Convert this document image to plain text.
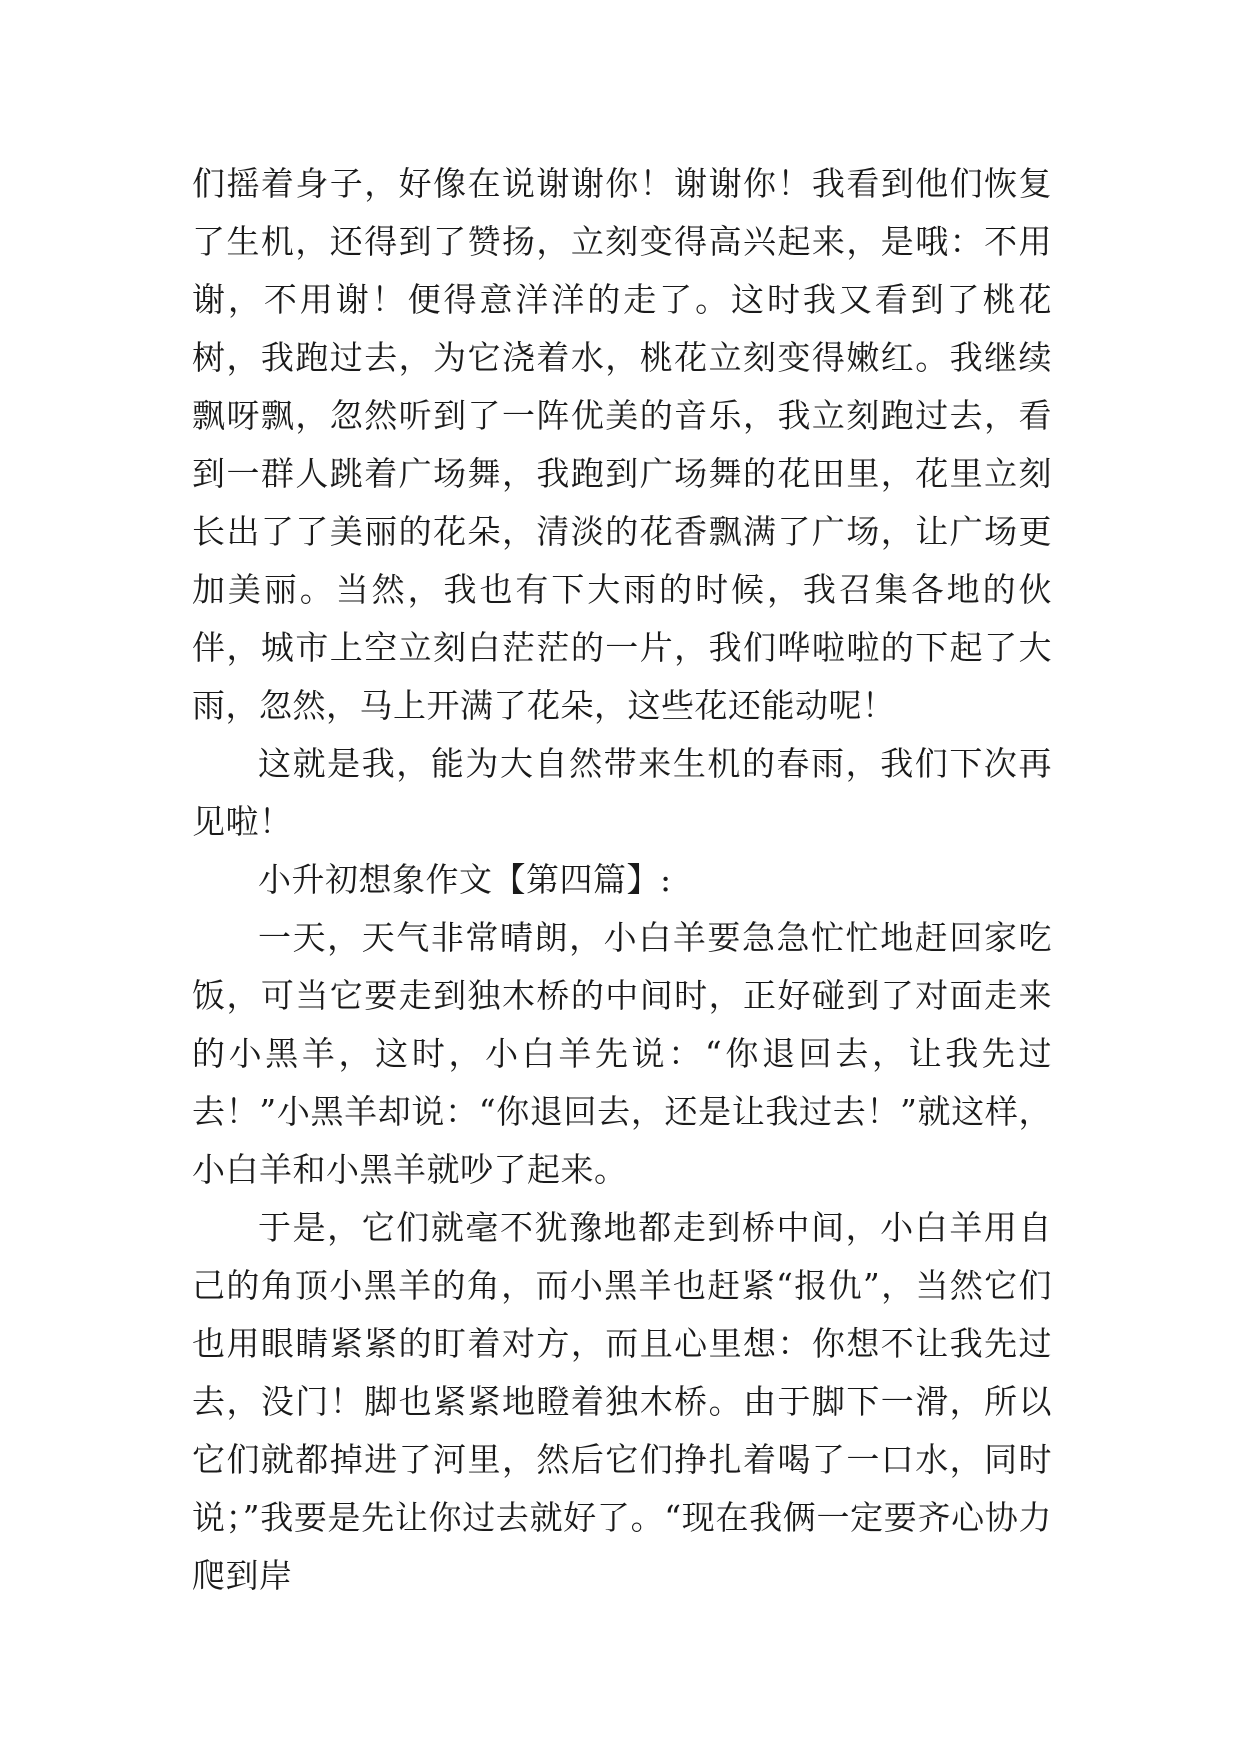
们摇着身子，好像在说谢谢你！谢谢你！我看到他们恢复了生机，还得到了赞扬，立刻变得高兴起来，是哦：不用谢，不用谢！便得意洋洋的走了。这时我又看到了桃花树，我跑过去，为它浇着水，桃花立刻变得嫩红。我继续飘呀飘，忽然听到了一阵优美的音乐，我立刻跑过去，看到一群人跳着广场舞，我跑到广场舞的花田里，花里立刻长出了了美丽的花朵，清淡的花香飘满了广场，让广场更加美丽。当然，我也有下大雨的时候，我召集各地的伙伴，城市上空立刻白茫茫的一片，我们哗啦啦的下起了大雨，忽然，马上开满了花朵，这些花还能动呢！

这就是我，能为大自然带来生机的春雨，我们下次再见啦！

小升初想象作文【第四篇】:

一天，天气非常晴朗，小白羊要急急忙忙地赶回家吃饭，可当它要走到独木桥的中间时，正好碰到了对面走来的小黑羊，这时，小白羊先说：“你退回去，让我先过去！”小黑羊却说：“你退回去，还是让我过去！”就这样，小白羊和小黑羊就吵了起来。

于是，它们就毫不犹豫地都走到桥中间，小白羊用自己的角顶小黑羊的角，而小黑羊也赶紧“报仇”，当然它们也用眼睛紧紧的盯着对方，而且心里想：你想不让我先过去，没门！脚也紧紧地瞪着独木桥。由于脚下一滑，所以它们就都掉进了河里，然后它们挣扎着喝了一口水，同时说；”我要是先让你过去就好了。“现在我俩一定要齐心协力爬到岸
